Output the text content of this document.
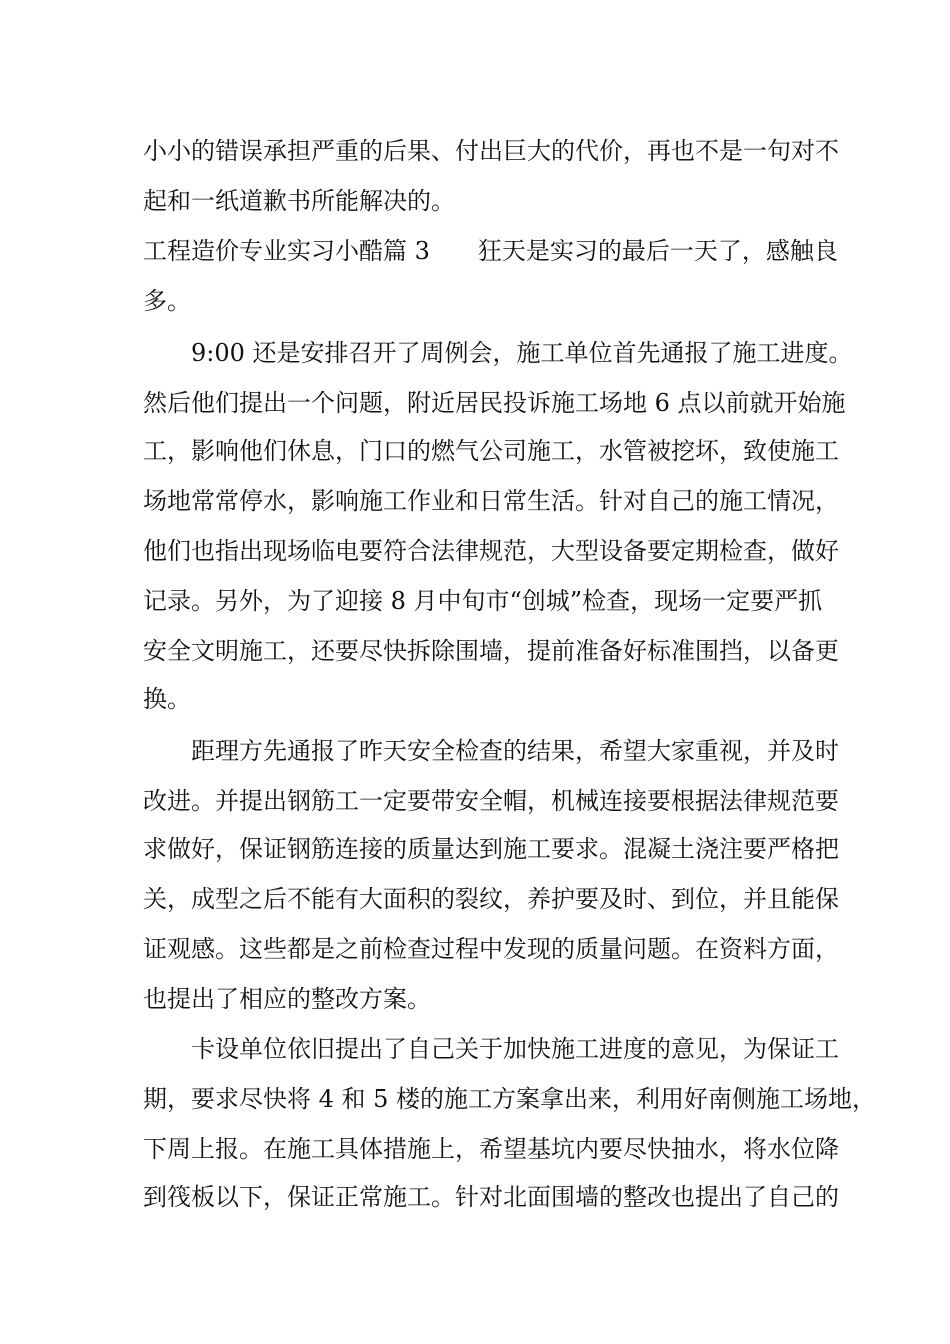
小小的错误承担严重的后果、付出巨大的代价，再也不是一句对不
起和一纸道歉书所能解决的。
工程造价专业实习小酷篇 3　　狂天是实习的最后一天了，感触良
多。
　　9:00 还是安排召开了周例会，施工单位首先通报了施工进度。
然后他们提出一个问题，附近居民投诉施工场地 6 点以前就开始施
工，影响他们休息，门口的燃气公司施工，水管被挖坏，致使施工
场地常常停水，影响施工作业和日常生活。针对自己的施工情况，
他们也指出现场临电要符合法律规范，大型设备要定期检查，做好
记录。另外，为了迎接 8 月中旬市“创城”检查，现场一定要严抓
安全文明施工，还要尽快拆除围墙，提前准备好标准围挡，以备更
换。
　　距理方先通报了昨天安全检查的结果，希望大家重视，并及时
改进。并提出钢筋工一定要带安全帽，机械连接要根据法律规范要
求做好，保证钢筋连接的质量达到施工要求。混凝土浇注要严格把
关，成型之后不能有大面积的裂纹，养护要及时、到位，并且能保
证观感。这些都是之前检查过程中发现的质量问题。在资料方面，
也提出了相应的整改方案。
　　卡设单位依旧提出了自己关于加快施工进度的意见，为保证工
期，要求尽快将 4 和 5 楼的施工方案拿出来，利用好南侧施工场地，
下周上报。在施工具体措施上，希望基坑内要尽快抽水，将水位降
到筏板以下，保证正常施工。针对北面围墙的整改也提出了自己的
